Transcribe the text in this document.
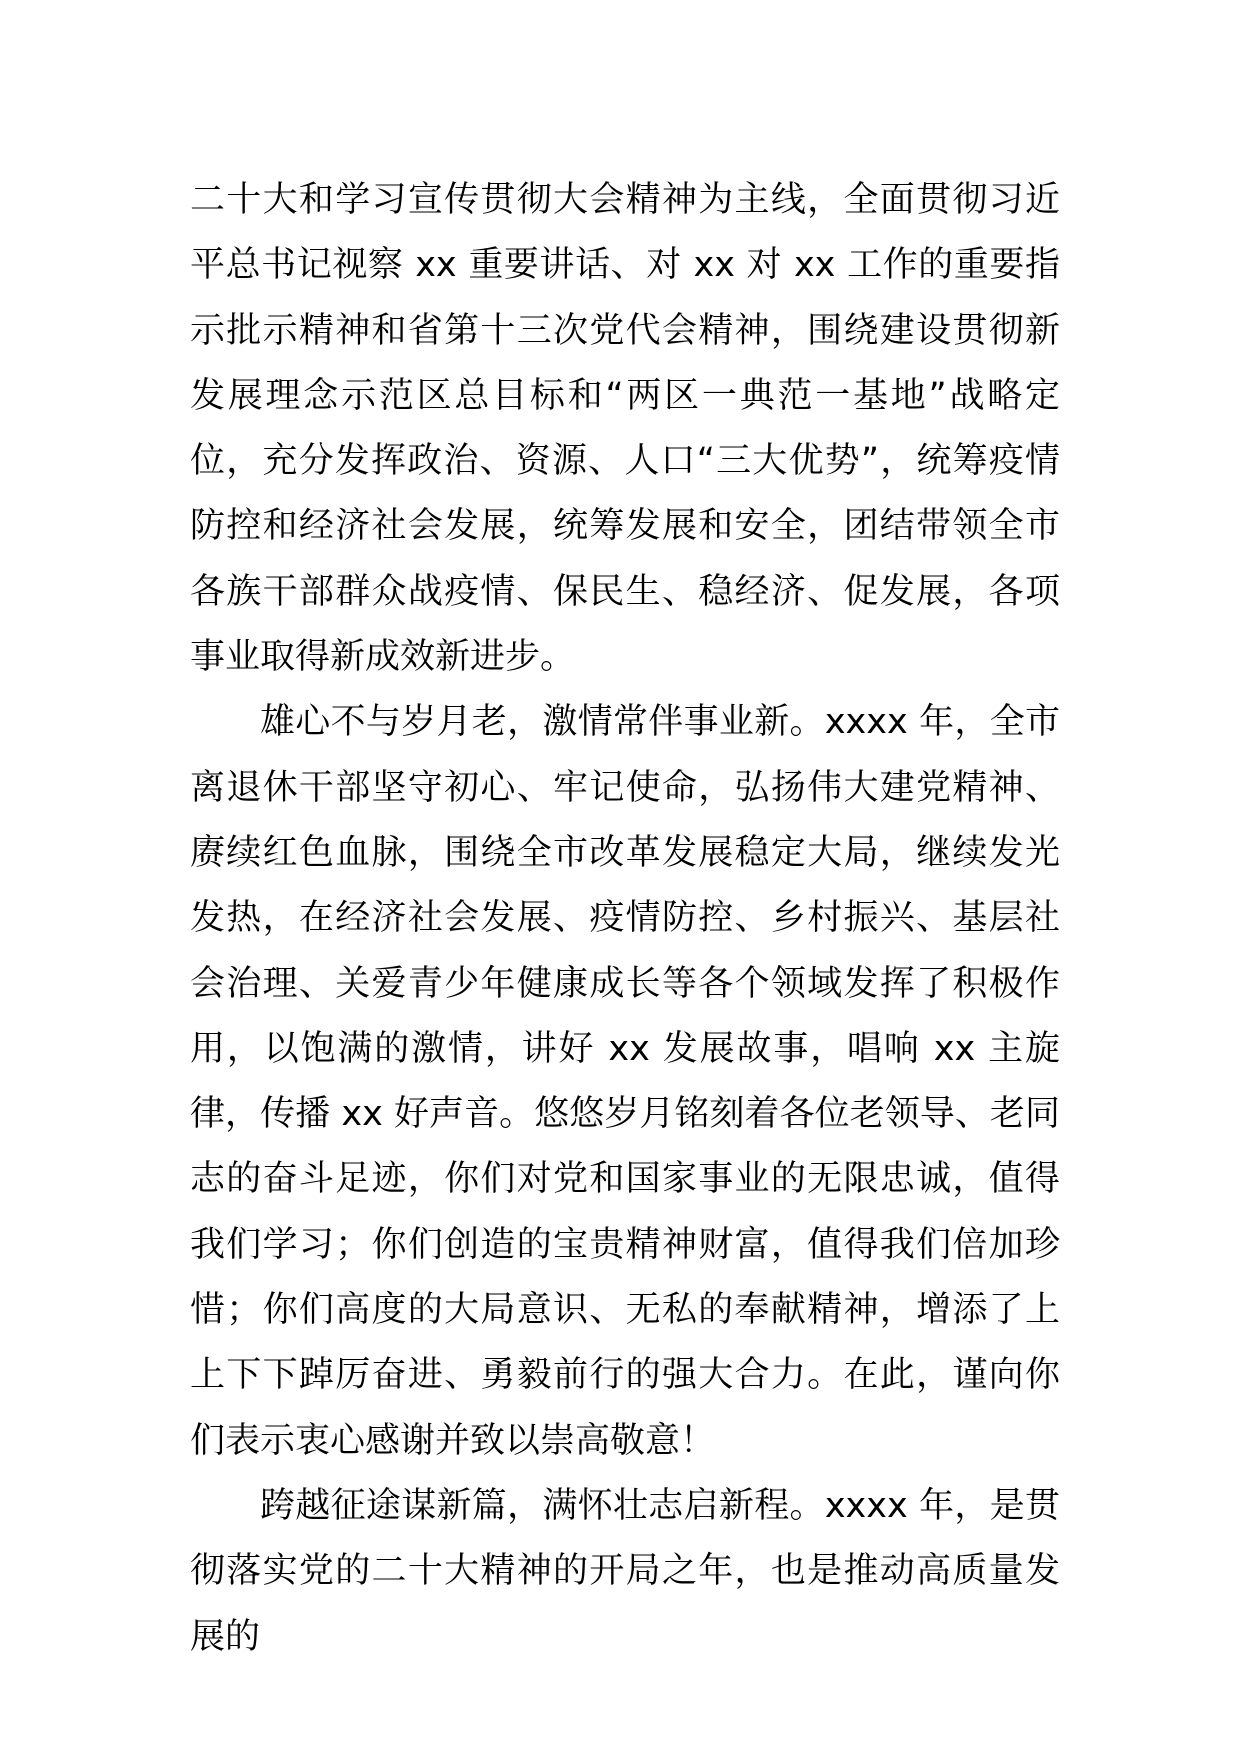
二十大和学习宣传贯彻大会精神为主线，全面贯彻习近平总书记视察 xx 重要讲话、对 xx 对 xx 工作的重要指示批示精神和省第十三次党代会精神，围绕建设贯彻新发展理念示范区总目标和“两区一典范一基地”战略定位，充分发挥政治、资源、人口“三大优势”，统筹疫情防控和经济社会发展，统筹发展和安全，团结带领全市各族干部群众战疫情、保民生、稳经济、促发展，各项事业取得新成效新进步。

雄心不与岁月老，激情常伴事业新。xxxx 年，全市离退休干部坚守初心、牢记使命，弘扬伟大建党精神、赓续红色血脉，围绕全市改革发展稳定大局，继续发光发热，在经济社会发展、疫情防控、乡村振兴、基层社会治理、关爱青少年健康成长等各个领域发挥了积极作用，以饱满的激情，讲好 xx 发展故事，唱响 xx 主旋律，传播 xx 好声音。悠悠岁月铭刻着各位老领导、老同志的奋斗足迹，你们对党和国家事业的无限忠诚，值得我们学习；你们创造的宝贵精神财富，值得我们倍加珍惜；你们高度的大局意识、无私的奉献精神，增添了上上下下踔厉奋进、勇毅前行的强大合力。在此，谨向你们表示衷心感谢并致以崇高敬意！

跨越征途谋新篇，满怀壮志启新程。xxxx 年，是贯彻落实党的二十大精神的开局之年，也是推动高质量发展的
